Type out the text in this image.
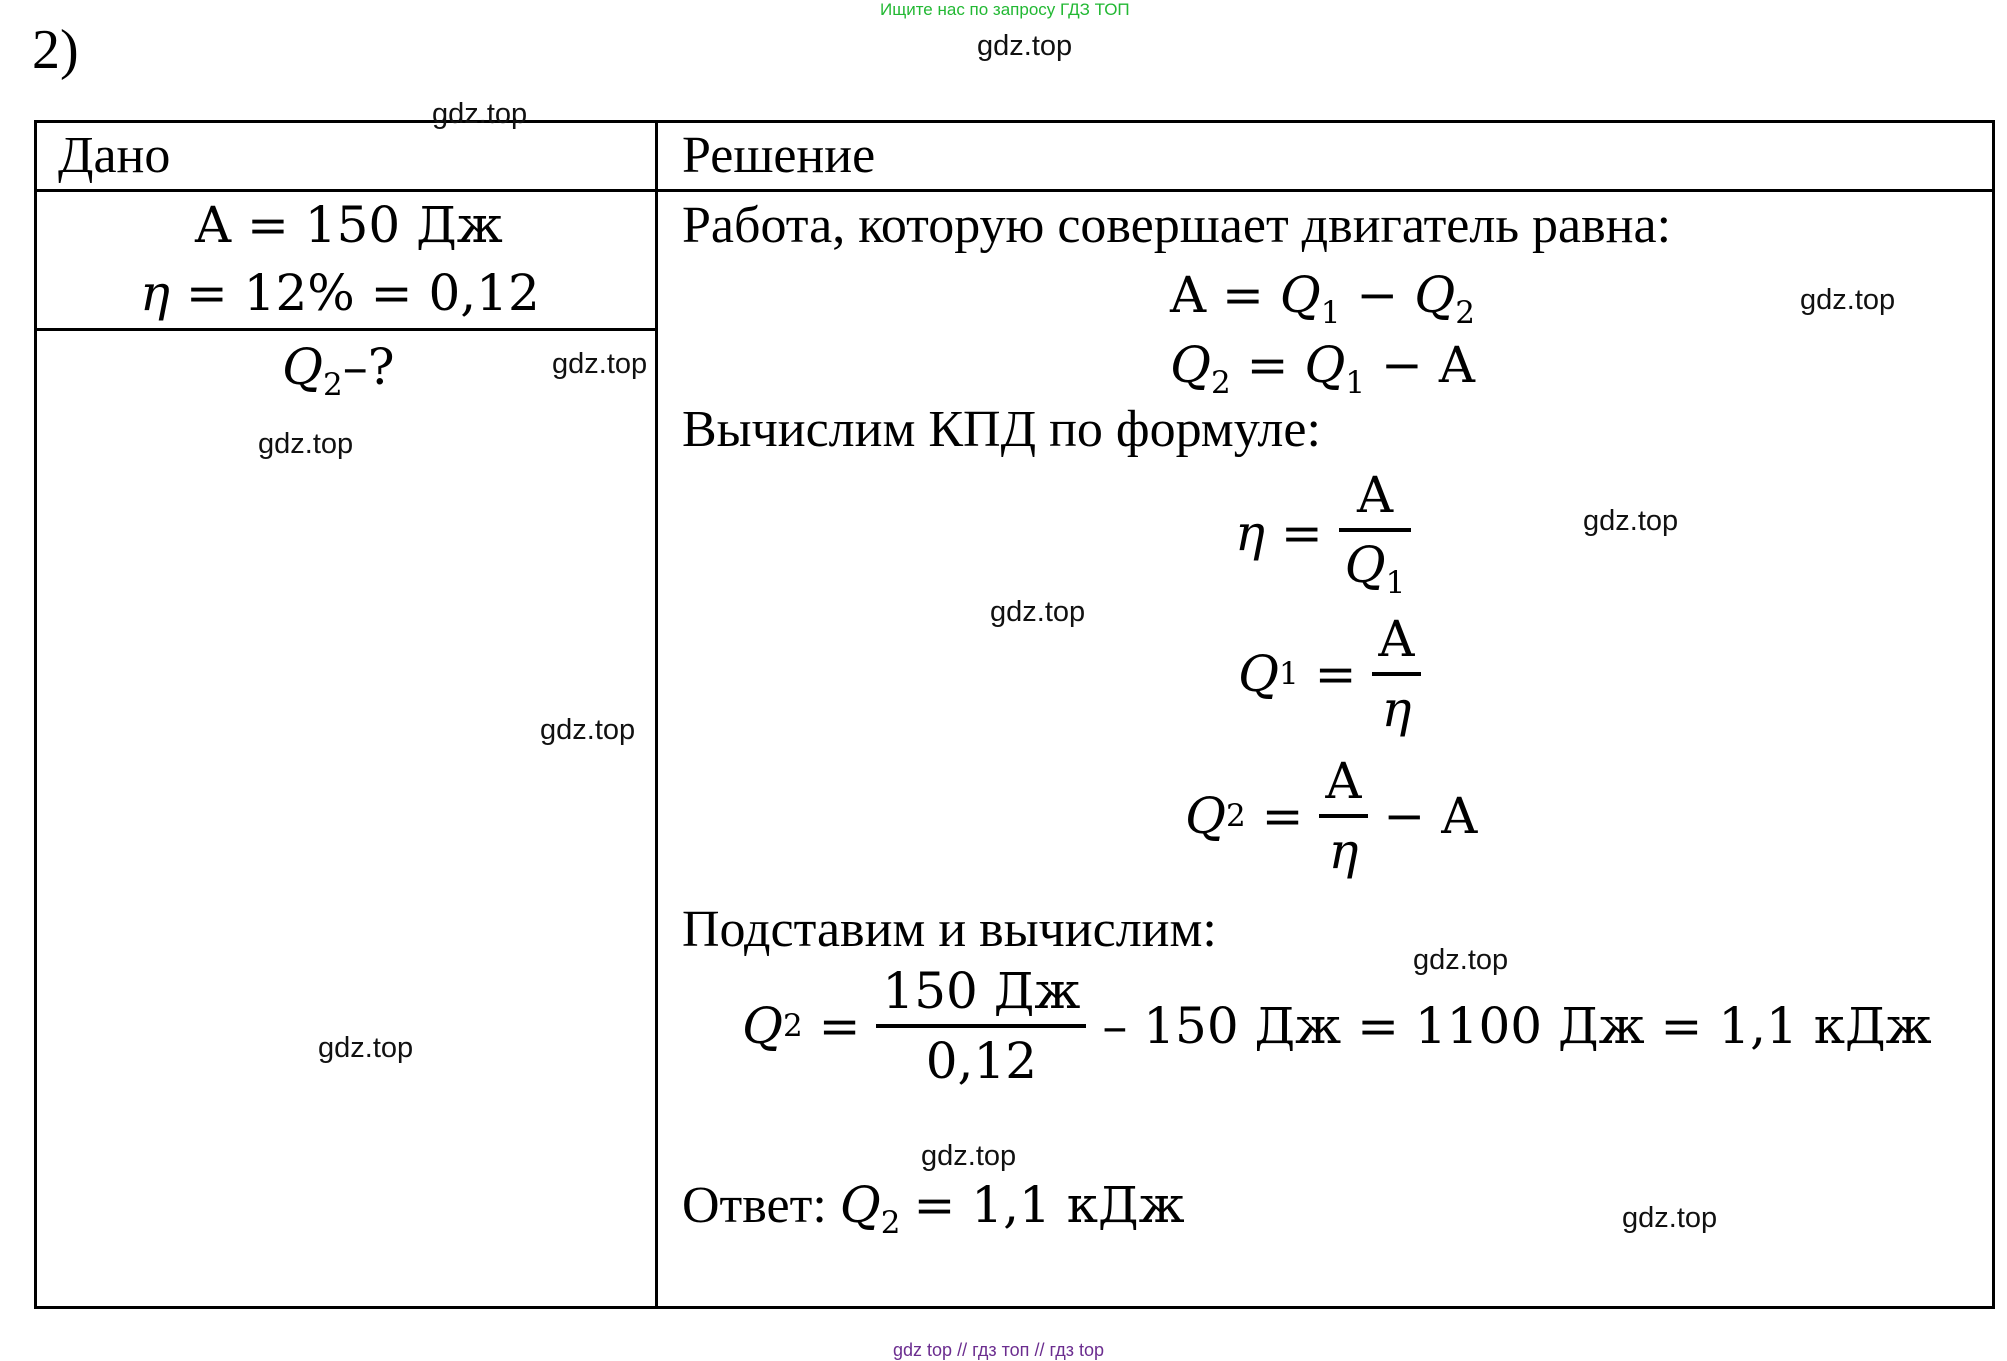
2)
Ищите нас по запросу ГДЗ ТОП
gdz.top
Дано	Решение
A = 150 Дж
η = 12% = 0,12
$Q_2-$?
Работа, которую совершает двигатель равна:
$A = Q_1 - Q_2$
$Q_2 = Q_1 - A$
Вычислим КПД по формуле:
$\eta = \frac{A}{Q_1}$
Q $1 = \frac{A}{\eta}$
Q $2 = \frac{A}{\eta} - A$
Подставим и вычислим:
Q $2 = \frac{150 Дж}{0,12}$
– 150 Дж = 1100 Дж = 1,1 кДж
Ответ: $Q_2 = 1,1$ кДж
gdz.top
gdz.top
gdz.top
gdz.top
gdz.top
gdz.top
gdz.top
gdz.top
gdz.top
gdz.top
gdz.top
gdz top // гдз топ // гдз top
